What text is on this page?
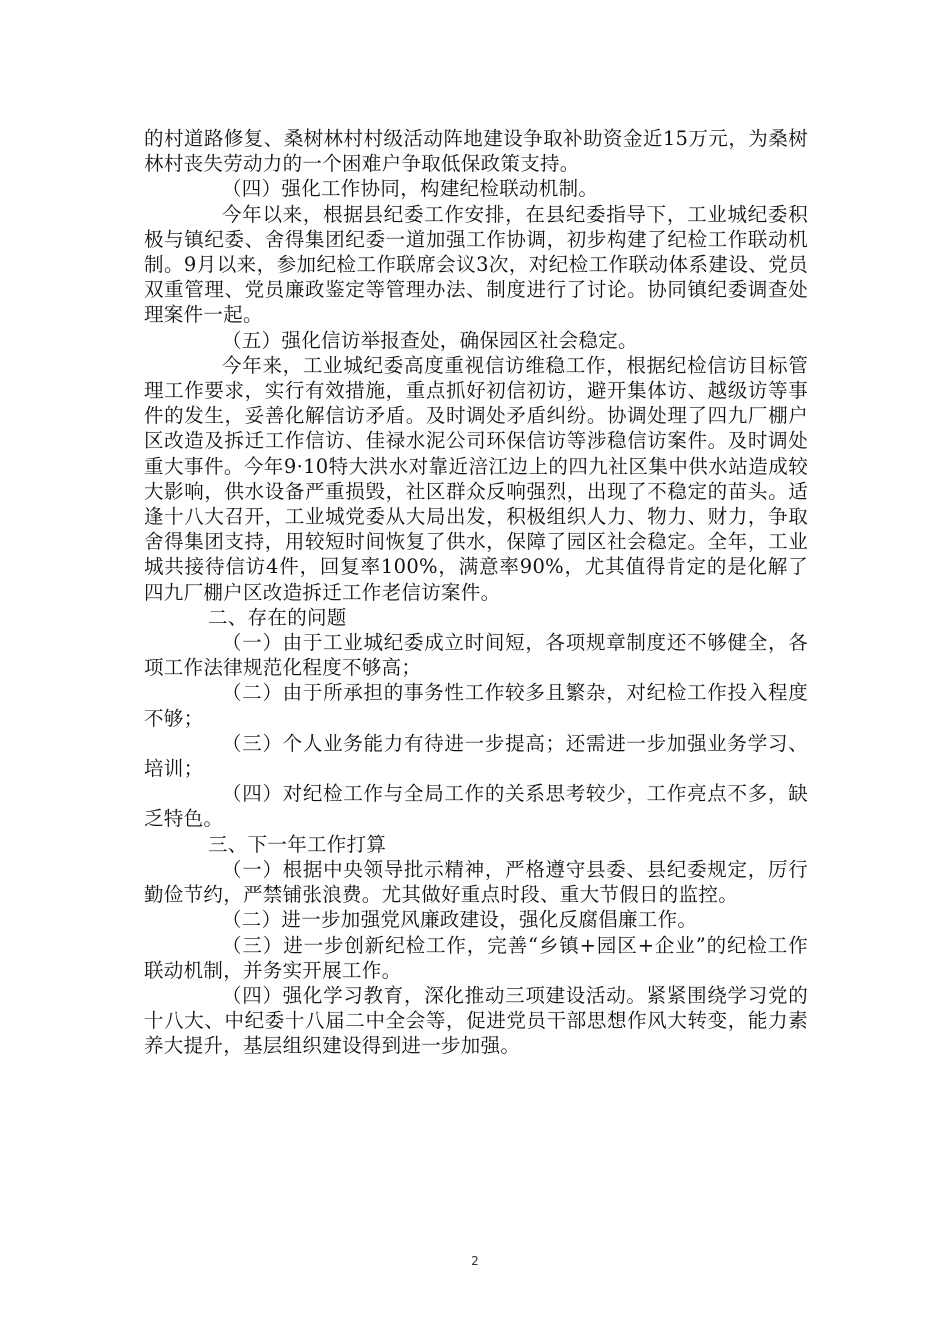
的村道路修复、桑树林村村级活动阵地建设争取补助资金近15万元，为桑树林村丧失劳动力的一个困难户争取低保政策支持。

（四）强化工作协同，构建纪检联动机制。

今年以来，根据县纪委工作安排，在县纪委指导下，工业城纪委积极与镇纪委、舍得集团纪委一道加强工作协调，初步构建了纪检工作联动机制。9月以来，参加纪检工作联席会议3次，对纪检工作联动体系建设、党员双重管理、党员廉政鉴定等管理办法、制度进行了讨论。协同镇纪委调查处理案件一起。

（五）强化信访举报查处，确保园区社会稳定。

今年来，工业城纪委高度重视信访维稳工作，根据纪检信访目标管理工作要求，实行有效措施，重点抓好初信初访，避开集体访、越级访等事件的发生，妥善化解信访矛盾。及时调处矛盾纠纷。协调处理了四九厂棚户区改造及拆迁工作信访、佳禄水泥公司环保信访等涉稳信访案件。及时调处重大事件。今年9·10特大洪水对靠近涪江边上的四九社区集中供水站造成较大影响，供水设备严重损毁，社区群众反响强烈，出现了不稳定的苗头。适逢十八大召开，工业城党委从大局出发，积极组织人力、物力、财力，争取舍得集团支持，用较短时间恢复了供水，保障了园区社会稳定。全年，工业城共接待信访4件，回复率100%，满意率90%，尤其值得肯定的是化解了四九厂棚户区改造拆迁工作老信访案件。

二、存在的问题

（一）由于工业城纪委成立时间短，各项规章制度还不够健全，各项工作法律规范化程度不够高；

（二）由于所承担的事务性工作较多且繁杂，对纪检工作投入程度不够；

（三）个人业务能力有待进一步提高；还需进一步加强业务学习、培训；

（四）对纪检工作与全局工作的关系思考较少，工作亮点不多，缺乏特色。

三、下一年工作打算

（一）根据中央领导批示精神，严格遵守县委、县纪委规定，厉行勤俭节约，严禁铺张浪费。尤其做好重点时段、重大节假日的监控。

（二）进一步加强党风廉政建设，强化反腐倡廉工作。

（三）进一步创新纪检工作，完善“乡镇+园区+企业”的纪检工作联动机制，并务实开展工作。

（四）强化学习教育，深化推动三项建设活动。紧紧围绕学习党的十八大、中纪委十八届二中全会等，促进党员干部思想作风大转变，能力素养大提升，基层组织建设得到进一步加强。

2
